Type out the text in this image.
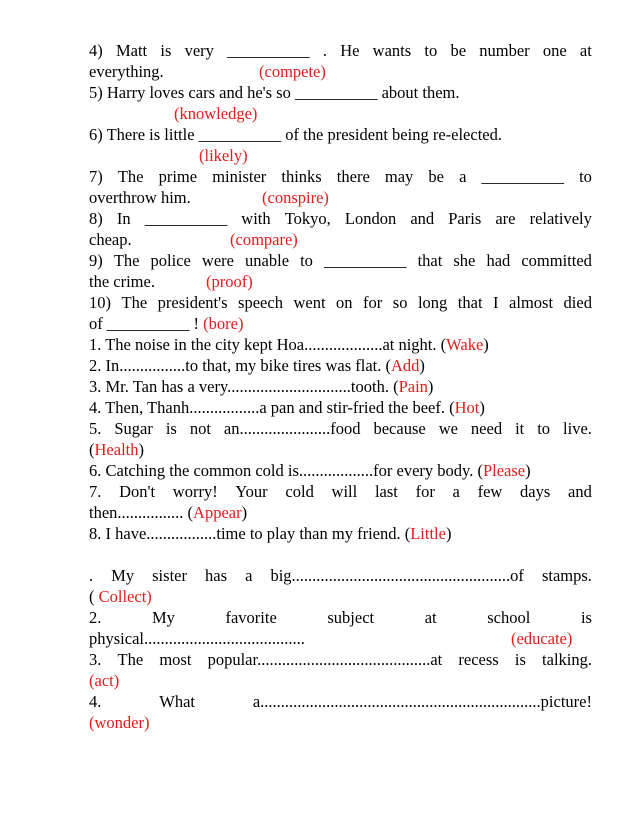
4) Matt is very __________ . He wants to be number one at
everything.	(compete)
5) Harry loves cars and he's so __________ about them.
(knowledge)
6) There is little __________ of the president being re-elected.
(likely)
7) The prime minister thinks there may be a __________ to
overthrow him.	(conspire)
8) In __________ with Tokyo, London and Paris are relatively
cheap.	(compare)
9) The police were unable to __________ that she had committed
the crime.	(proof)
10) The president's speech went on for so long that I almost died
of __________ ! (bore)
1. The noise in the city kept Hoa...................at night. (Wake)
2. In................to that, my bike tires was flat. (Add)
3. Mr. Tan has a very..............................tooth. (Pain)
4. Then, Thanh.................a pan and stir-fried the beef. (Hot)
5. Sugar is not an......................food because we need it to live.
(Health)
6. Catching the common cold is..................for every body. (Please)
7. Don't worry! Your cold will last for a few days and
then................ (Appear)
8. I have.................time to play than my friend. (Little)
. My sister has a big.....................................................of stamps.
( Collect)
2.	My	favorite	subject	at	school	is
physical.......................................	(educate)
3. The most popular..........................................at recess is talking.
(act)
4.	What	a....................................................................picture!
(wonder)
